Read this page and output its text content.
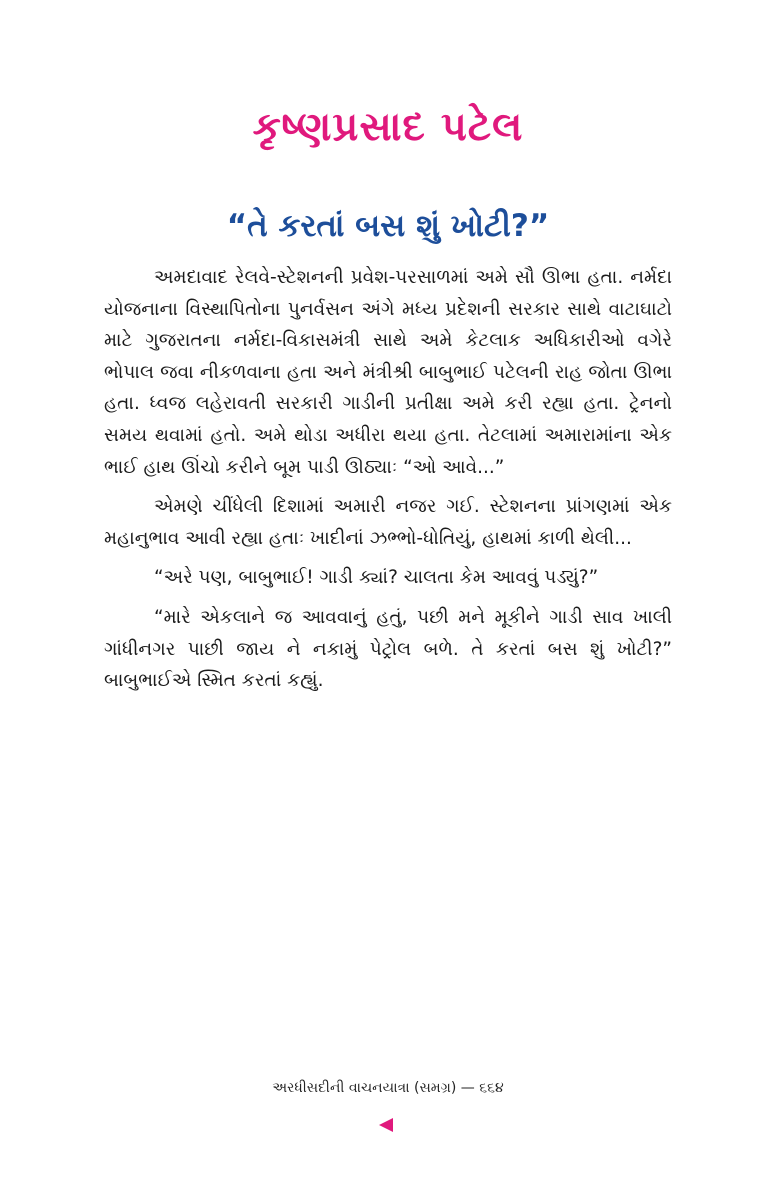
કૃષ્ણપ્રસાદ પટેલ
“તે કરતાં બસ શું ખોટી?”

અમદાવાદ રેલવે-સ્ટેશનની પ્રવેશ-પરસાળમાં અમે સૌ ઊભા હતા. નર્મદા યોજનાના વિસ્થાપિતોના પુનર્વસન અંગે મધ્ય પ્રદેશની સરકાર સાથે વાટાઘાટો માટે ગુજરાતના નર્મદા-વિકાસમંત્રી સાથે અમે કેટલાક અધિકારીઓ વગેરે ભોપાલ જવા નીકળવાના હતા અને મંત્રીશ્રી બાબુભાઈ પટેલની રાહ જોતા ઊભા હતા. ધ્વજ લહેરાવતી સરકારી ગાડીની પ્રતીક્ષા અમે કરી રહ્યા હતા. ટ્રેનનો સમય થવામાં હતો. અમે થોડા અધીરા થયા હતા. તેટલામાં અમારામાંના એક ભાઈ હાથ ઊંચો કરીને બૂમ પાડી ઊઠ્યાઃ “ઓ આવે...”

એમણે ચીંધેલી દિશામાં અમારી નજર ગઈ. સ્ટેશનના પ્રાંગણમાં એક મહાનુભાવ આવી રહ્યા હતાઃ ખાદીનાં ઝભ્ભો-ધોતિયું, હાથમાં કાળી થેલી...

“અરે પણ, બાબુભાઈ! ગાડી ક્યાં? ચાલતા કેમ આવવું પડ્યું?”

“મારે એકલાને જ આવવાનું હતું, પછી મને મૂકીને ગાડી સાવ ખાલી ગાંધીનગર પાછી જાય ને નકામું પેટ્રોલ બળે. તે કરતાં બસ શું ખોટી?” બાબુભાઈએ સ્મિત કરતાં કહ્યું.

અરધીસદીની વાચનયાત્રા (સમગ્ર) — ૬૬૪
